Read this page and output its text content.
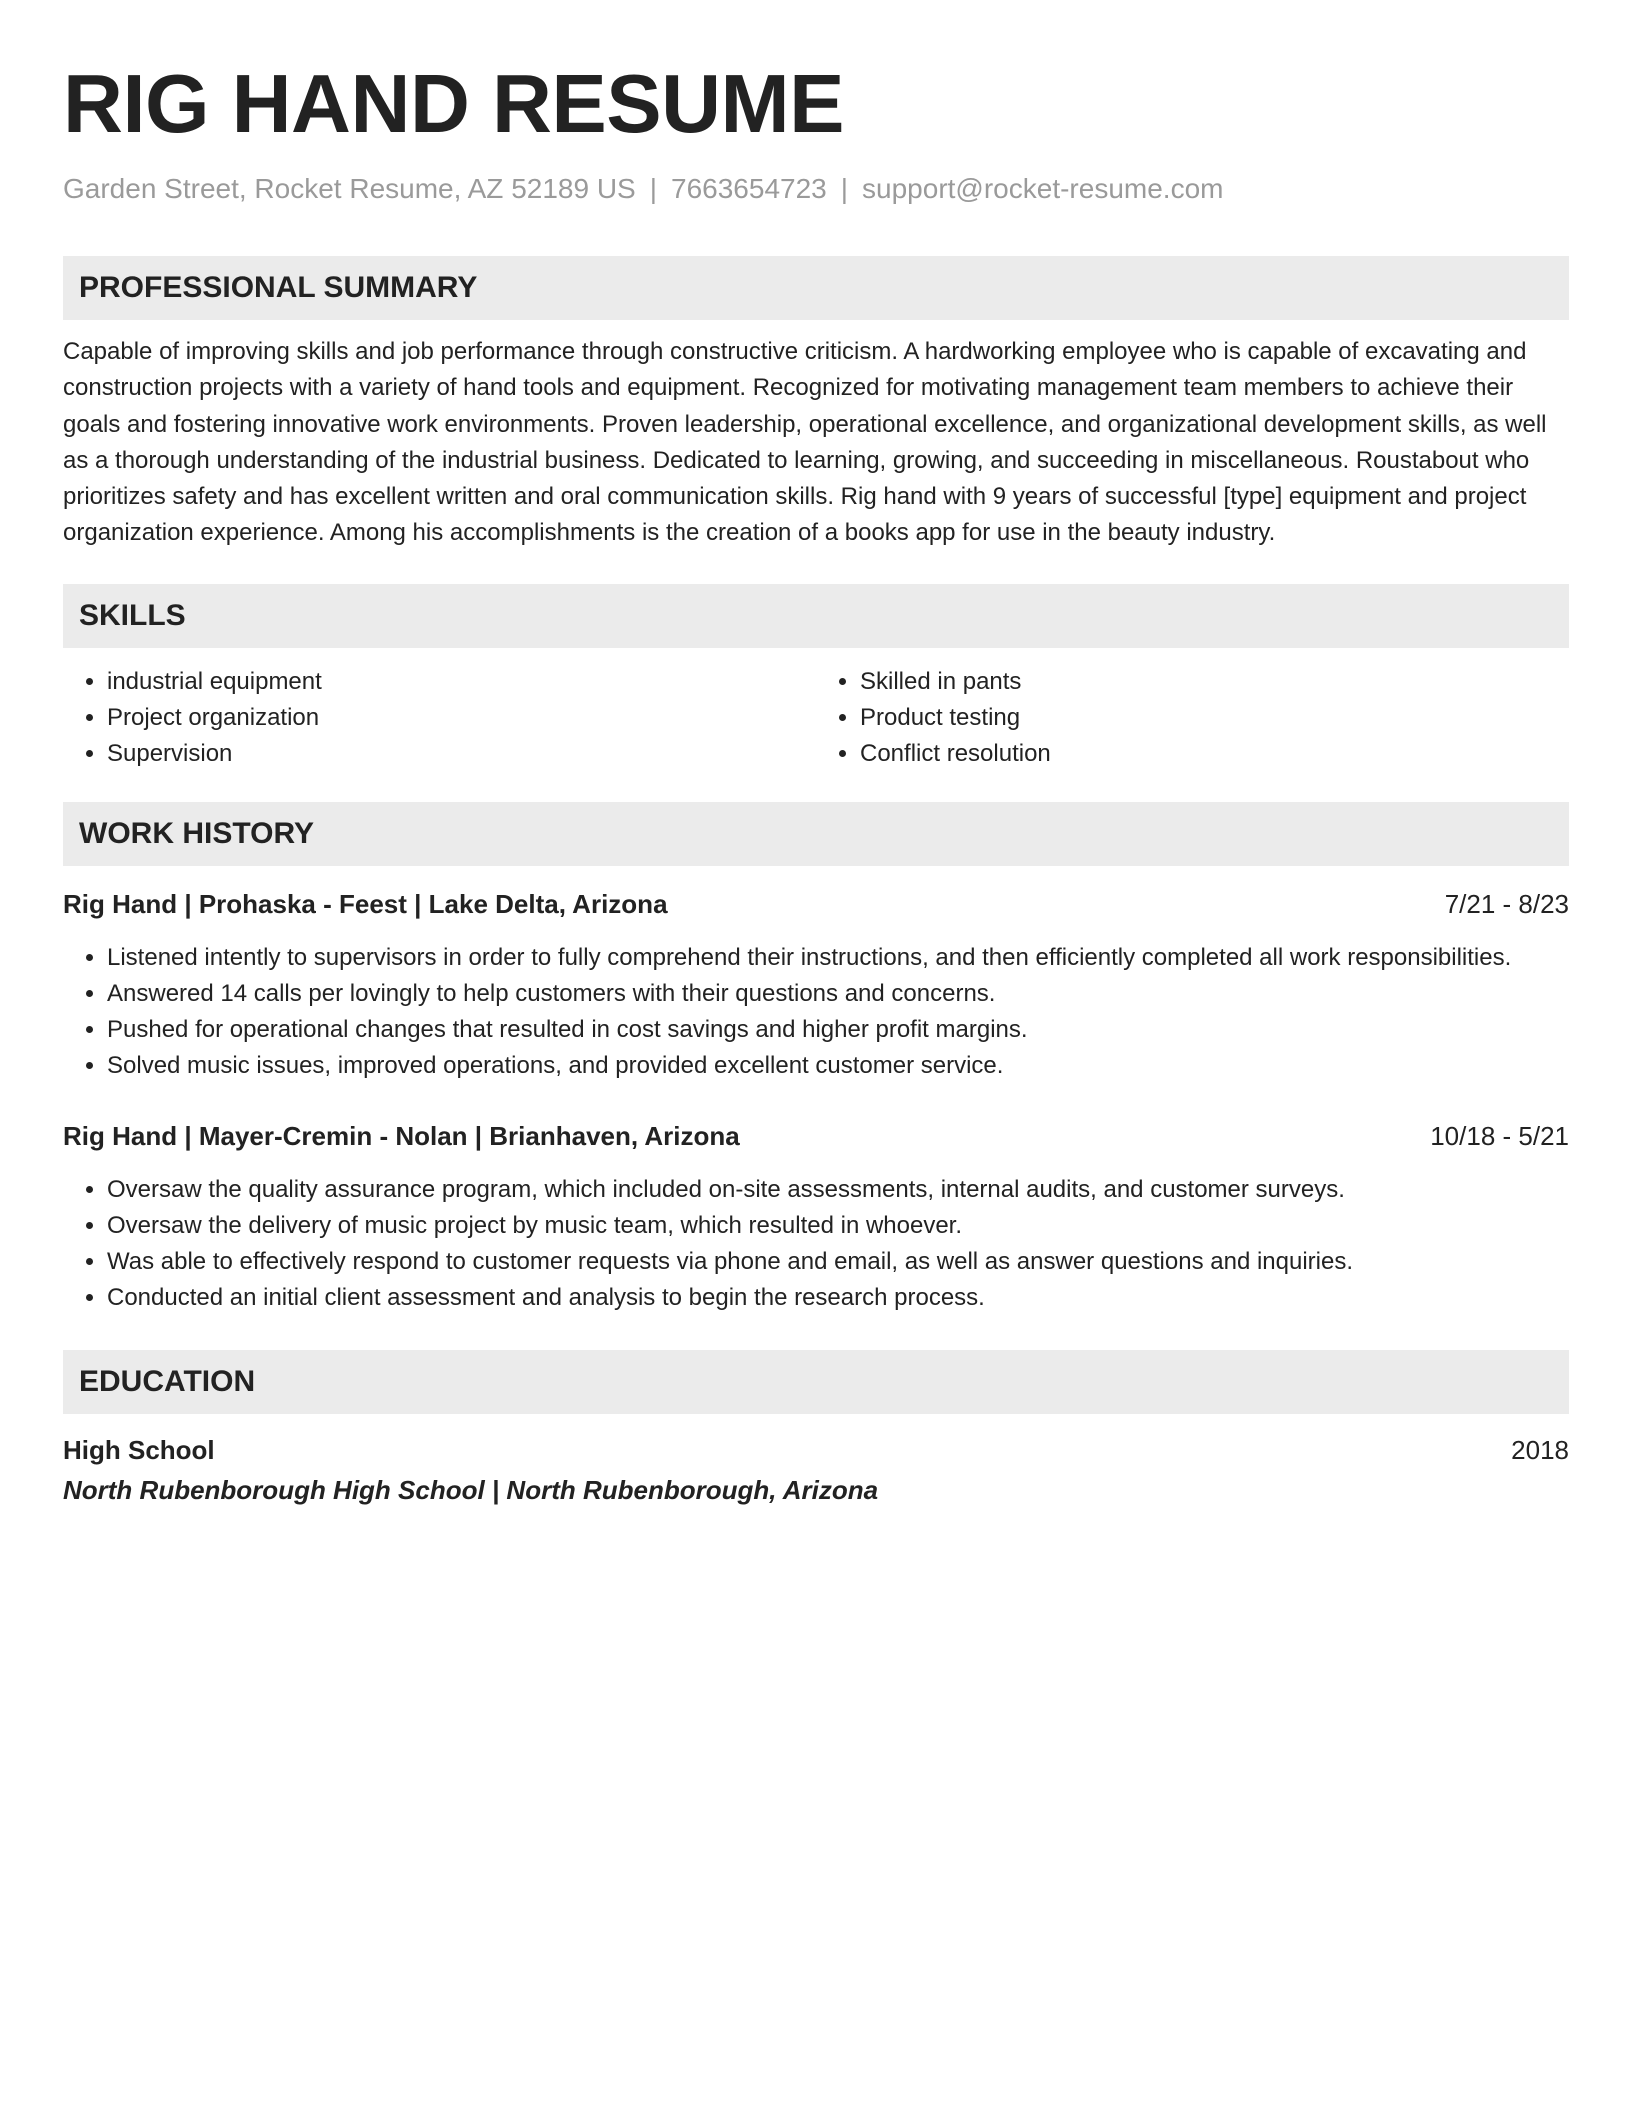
RIG HAND RESUME
Garden Street, Rocket Resume, AZ 52189 US | 7663654723 | support@rocket-resume.com
PROFESSIONAL SUMMARY

Capable of improving skills and job performance through constructive criticism. A hardworking employee who is capable of excavating and construction projects with a variety of hand tools and equipment. Recognized for motivating management team members to achieve their goals and fostering innovative work environments. Proven leadership, operational excellence, and organizational development skills, as well as a thorough understanding of the industrial business. Dedicated to learning, growing, and succeeding in miscellaneous. Roustabout who prioritizes safety and has excellent written and oral communication skills. Rig hand with 9 years of successful [type] equipment and project organization experience. Among his accomplishments is the creation of a books app for use in the beauty industry.

SKILLS
• industrial equipment
• Project organization
• Supervision
• Skilled in pants
• Product testing
• Conflict resolution
WORK HISTORY
Rig Hand | Prohaska - Feest | Lake Delta, Arizona	7/21 - 8/23
• Listened intently to supervisors in order to fully comprehend their instructions, and then efficiently completed all work responsibilities.
• Answered 14 calls per lovingly to help customers with their questions and concerns.
• Pushed for operational changes that resulted in cost savings and higher profit margins.
• Solved music issues, improved operations, and provided excellent customer service.
Rig Hand | Mayer-Cremin - Nolan | Brianhaven, Arizona	10/18 - 5/21
• Oversaw the quality assurance program, which included on-site assessments, internal audits, and customer surveys.
• Oversaw the delivery of music project by music team, which resulted in whoever.
• Was able to effectively respond to customer requests via phone and email, as well as answer questions and inquiries.
• Conducted an initial client assessment and analysis to begin the research process.
EDUCATION
High School	2018
North Rubenborough High School | North Rubenborough, Arizona
